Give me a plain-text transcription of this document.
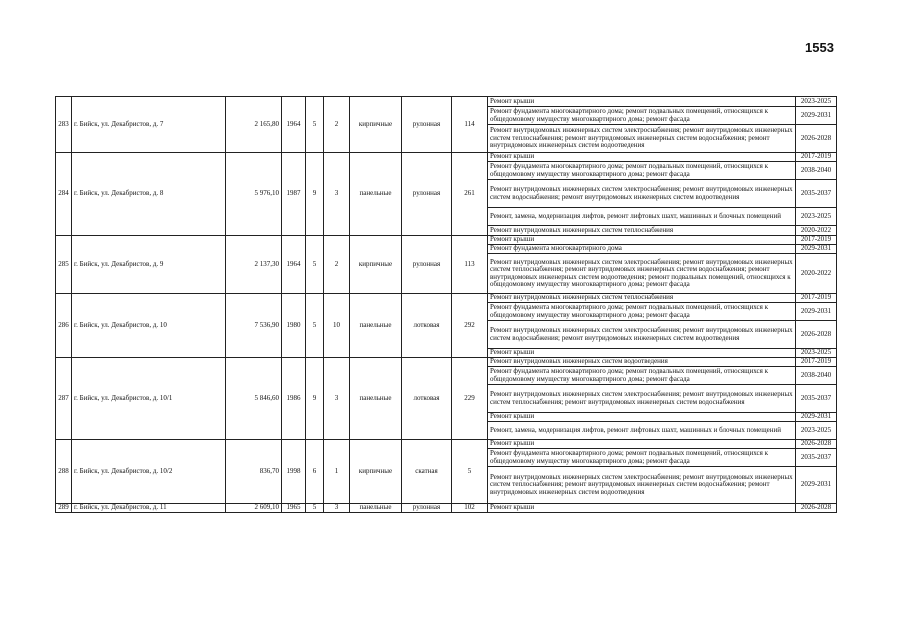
1553
283	г. Бийск, ул. Декабристов, д. 7	2 165,80	1964	5	2	кирпичные	рулонная	114	Ремонт крыши	2023-2025
									Ремонт фундамента многоквартирного дома; ремонт подвальных помещений, относящихся к общедомовому имуществу многоквартирного дома; ремонт фасада	2029-2031
									Ремонт внутридомовых инженерных систем электроснабжения; ремонт внутридомовых инженерных систем теплоснабжения; ремонт внутридомовых инженерных систем водоснабжения; ремонт внутридомовых инженерных систем водоотведения	2026-2028
284	г. Бийск, ул. Декабристов, д. 8	5 976,10	1987	9	3	панельные	рулонная	261	Ремонт крыши	2017-2019
									Ремонт фундамента многоквартирного дома; ремонт подвальных помещений, относящихся к общедомовому имуществу многоквартирного дома; ремонт фасада	2038-2040
									Ремонт внутридомовых инженерных систем электроснабжения; ремонт внутридомовых инженерных систем водоснабжения; ремонт внутридомовых инженерных систем водоотведения	2035-2037
									Ремонт, замена, модернизация лифтов, ремонт лифтовых шахт, машинных и блочных помещений	2023-2025
									Ремонт внутридомовых инженерных систем теплоснабжения	2020-2022
285	г. Бийск, ул. Декабристов, д. 9	2 137,30	1964	5	2	кирпичные	рулонная	113	Ремонт крыши	2017-2019
									Ремонт фундамента многоквартирного дома	2029-2031
									Ремонт внутридомовых инженерных систем электроснабжения; ремонт внутридомовых инженерных систем теплоснабжения; ремонт внутридомовых инженерных систем водоснабжения; ремонт внутридомовых инженерных систем водоотведения; ремонт подвальных помещений, относящихся к общедомовому имуществу многоквартирного дома; ремонт фасада	2020-2022
286	г. Бийск, ул. Декабристов, д. 10	7 536,90	1980	5	10	панельные	лотковая	292	Ремонт внутридомовых инженерных систем теплоснабжения	2017-2019
									Ремонт фундамента многоквартирного дома; ремонт подвальных помещений, относящихся к общедомовому имуществу многоквартирного дома; ремонт фасада	2029-2031
									Ремонт внутридомовых инженерных систем электроснабжения; ремонт внутридомовых инженерных систем водоснабжения; ремонт внутридомовых инженерных систем водоотведения	2026-2028
									Ремонт крыши	2023-2025
287	г. Бийск, ул. Декабристов, д. 10/1	5 846,60	1986	9	3	панельные	лотковая	229	Ремонт внутридомовых инженерных систем водоотведения	2017-2019
									Ремонт фундамента многоквартирного дома; ремонт подвальных помещений, относящихся к общедомовому имуществу многоквартирного дома; ремонт фасада	2038-2040
									Ремонт внутридомовых инженерных систем электроснабжения; ремонт внутридомовых инженерных систем теплоснабжения; ремонт внутридомовых инженерных систем водоснабжения	2035-2037
									Ремонт крыши	2029-2031
									Ремонт, замена, модернизация лифтов, ремонт лифтовых шахт, машинных и блочных помещений	2023-2025
288	г. Бийск, ул. Декабристов, д. 10/2	836,70	1998	6	1	кирпичные	скатная	5	Ремонт крыши	2026-2028
									Ремонт фундамента многоквартирного дома; ремонт подвальных помещений, относящихся к общедомовому имуществу многоквартирного дома; ремонт фасада	2035-2037
									Ремонт внутридомовых инженерных систем электроснабжения; ремонт внутридомовых инженерных систем теплоснабжения; ремонт внутридомовых инженерных систем водоснабжения; ремонт внутридомовых инженерных систем водоотведения	2029-2031
289	г. Бийск, ул. Декабристов, д. 11	2 609,10	1965	5	3	панельные	рулонная	102	Ремонт крыши	2026-2028
